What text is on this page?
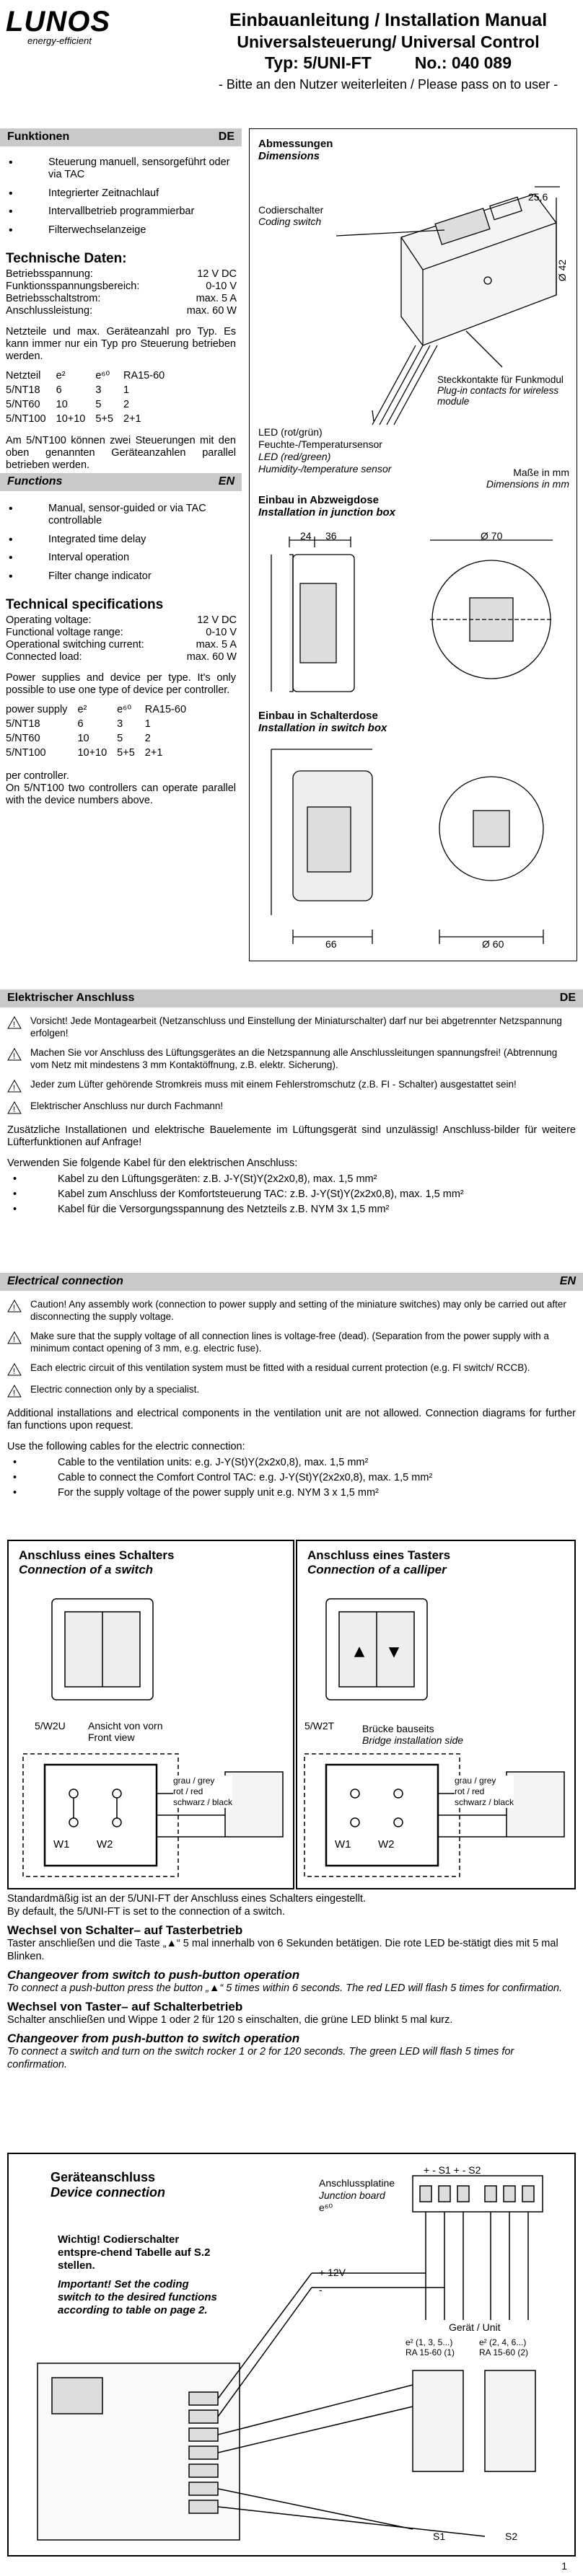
LUNOS
energy-efficient
Einbauanleitung / Installation Manual
Universalsteuerung/ Universal Control
Typ: 5/UNI-FT	No.: 040 089
- Bitte an den Nutzer weiterleiten / Please pass on to user -
Funktionen	DE
• Steuerung manuell, sensorgeführt oder via TAC
• Integrierter Zeitnachlauf
• Intervallbetrieb programmierbar
• Filterwechselanzeige
Technische Daten:
Betriebsspannung:	12 V DC
Funktionsspannungsbereich:	0-10 V
Betriebsschaltstrom:	max. 5 A
Anschlussleistung:	max. 60 W
Netzteile und max. Geräteanzahl pro Typ. Es kann immer nur ein Typ pro Steuerung betrieben werden.
Netzteil	e²	e⁶⁰	RA15-60
5/NT18	6	3	1
5/NT60	10	5	2
5/NT100	10+10	5+5	2+1
Am 5/NT100 können zwei Steuerungen mit den oben genannten Geräteanzahlen parallel betrieben werden.
Functions	EN
• Manual, sensor-guided or via TAC controllable
• Integrated time delay
• Interval operation
• Filter change indicator
Technical specifications
Operating voltage:	12 V DC
Functional voltage range:	0-10 V
Operational switching current:	max. 5 A
Connected load:	max. 60 W
Power supplies and device per type. It's only possible to use one type of device per controller.
power supply	e²	e⁶⁰	RA15-60
5/NT18	6	3	1
5/NT60	10	5	2
5/NT100	10+10	5+5	2+1
per controller.
On 5/NT100 two controllers can operate parallel with the device numbers above.
Abmessungen
Dimensions
Codierschalter
Coding switch
25,6
Ø 42
Steckkontakte für Funkmodul
Plug-in contacts for wireless module
LED (rot/grün)
Feuchte-/Temperatursensor
LED (red/green)
Humidity-/temperature sensor	Maße in mm
Dimensions in mm
Einbau in Abzweigdose
Installation in junction box
24 36	Ø 70
Einbau in Schalterdose
Installation in switch box
66	Ø 60
Elektrischer Anschluss	DE
! Vorsicht! Jede Montagearbeit (Netzanschluss und Einstellung der Miniaturschalter) darf nur bei abgetrennter Netzspannung erfolgen!
! Machen Sie vor Anschluss des Lüftungsgerätes an die Netzspannung alle Anschlussleitungen spannungsfrei! (Abtrennung vom Netz mit mindestens 3 mm Kontaktöffnung, z.B. elektr. Sicherung).
! Jeder zum Lüfter gehörende Stromkreis muss mit einem Fehlerstromschutz (z.B. FI - Schalter) ausgestattet sein!
! Elektrischer Anschluss nur durch Fachmann!
Zusätzliche Installationen und elektrische Bauelemente im Lüftungsgerät sind unzulässig! Anschluss-bilder für weitere Lüfterfunktionen auf Anfrage!
Verwenden Sie folgende Kabel für den elektrischen Anschluss:
• Kabel zu den Lüftungsgeräten: z.B. J-Y(St)Y(2x2x0,8), max. 1,5 mm²
• Kabel zum Anschluss der Komfortsteuerung TAC: z.B. J-Y(St)Y(2x2x0,8), max. 1,5 mm²
• Kabel für die Versorgungsspannung des Netzteils z.B. NYM 3x 1,5 mm²
Electrical connection	EN
! Caution! Any assembly work (connection to power supply and setting of the miniature switches) may only be carried out after disconnecting the supply voltage.
! Make sure that the supply voltage of all connection lines is voltage-free (dead). (Separation from the power supply with a minimum contact opening of 3 mm, e.g. electric fuse).
! Each electric circuit of this ventilation system must be fitted with a residual current protection (e.g. FI switch/ RCCB).
! Electric connection only by a specialist.
Additional installations and electrical components in the ventilation unit are not allowed. Connection diagrams for further fan functions upon request.
Use the following cables for the electric connection:
• Cable to the ventilation units: e.g. J-Y(St)Y(2x2x0,8), max. 1,5 mm²
• Cable to connect the Comfort Control TAC: e.g. J-Y(St)Y(2x2x0,8), max. 1,5 mm²
• For the supply voltage of the power supply unit e.g. NYM 3 x 1,5 mm²
Anschluss eines Schalters
Connection of a switch
5/W2U Ansicht von vorn
Front view
W1	W2
grau / grey
rot / red
schwarz / black
Anschluss eines Tasters
Connection of a calliper
5/W2T	Brücke bauseits
Bridge installation side
W1	W2
grau / grey
rot / red
schwarz / black
Standardmäßig ist an der 5/UNI-FT der Anschluss eines Schalters eingestellt.
By default, the 5/UNI-FT is set to the connection of a switch.
Wechsel von Schalter– auf Tasterbetrieb
Taster anschließen und die Taste „▲“ 5 mal innerhalb von 6 Sekunden betätigen. Die rote LED be-stätigt dies mit 5 mal Blinken.
Changeover from switch to push-button operation
To connect a push-button press the button „▲“ 5 times within 6 seconds. The red LED will flash 5 times for confirmation.
Wechsel von Taster– auf Schalterbetrieb
Schalter anschließen und Wippe 1 oder 2 für 120 s einschalten, die grüne LED blinkt 5 mal kurz.
Changeover from push-button to switch operation
To connect a switch and turn on the switch rocker 1 or 2 for 120 seconds. The green LED will flash 5 times for confirmation.
Geräteanschluss
Device connection
Wichtig! Codierschalter entspre-chend Tabelle auf S.2 stellen.
Important! Set the coding switch to the desired functions according to table on page 2.
Anschlussplatine
Junction board
e⁶⁰
+ - S1 + - S2
+ 12V
-
Gerät / Unit
e² (1, 3, 5...)
RA 15-60 (1)
e² (2, 4, 6...)
RA 15-60 (2)
S1	S2
1
